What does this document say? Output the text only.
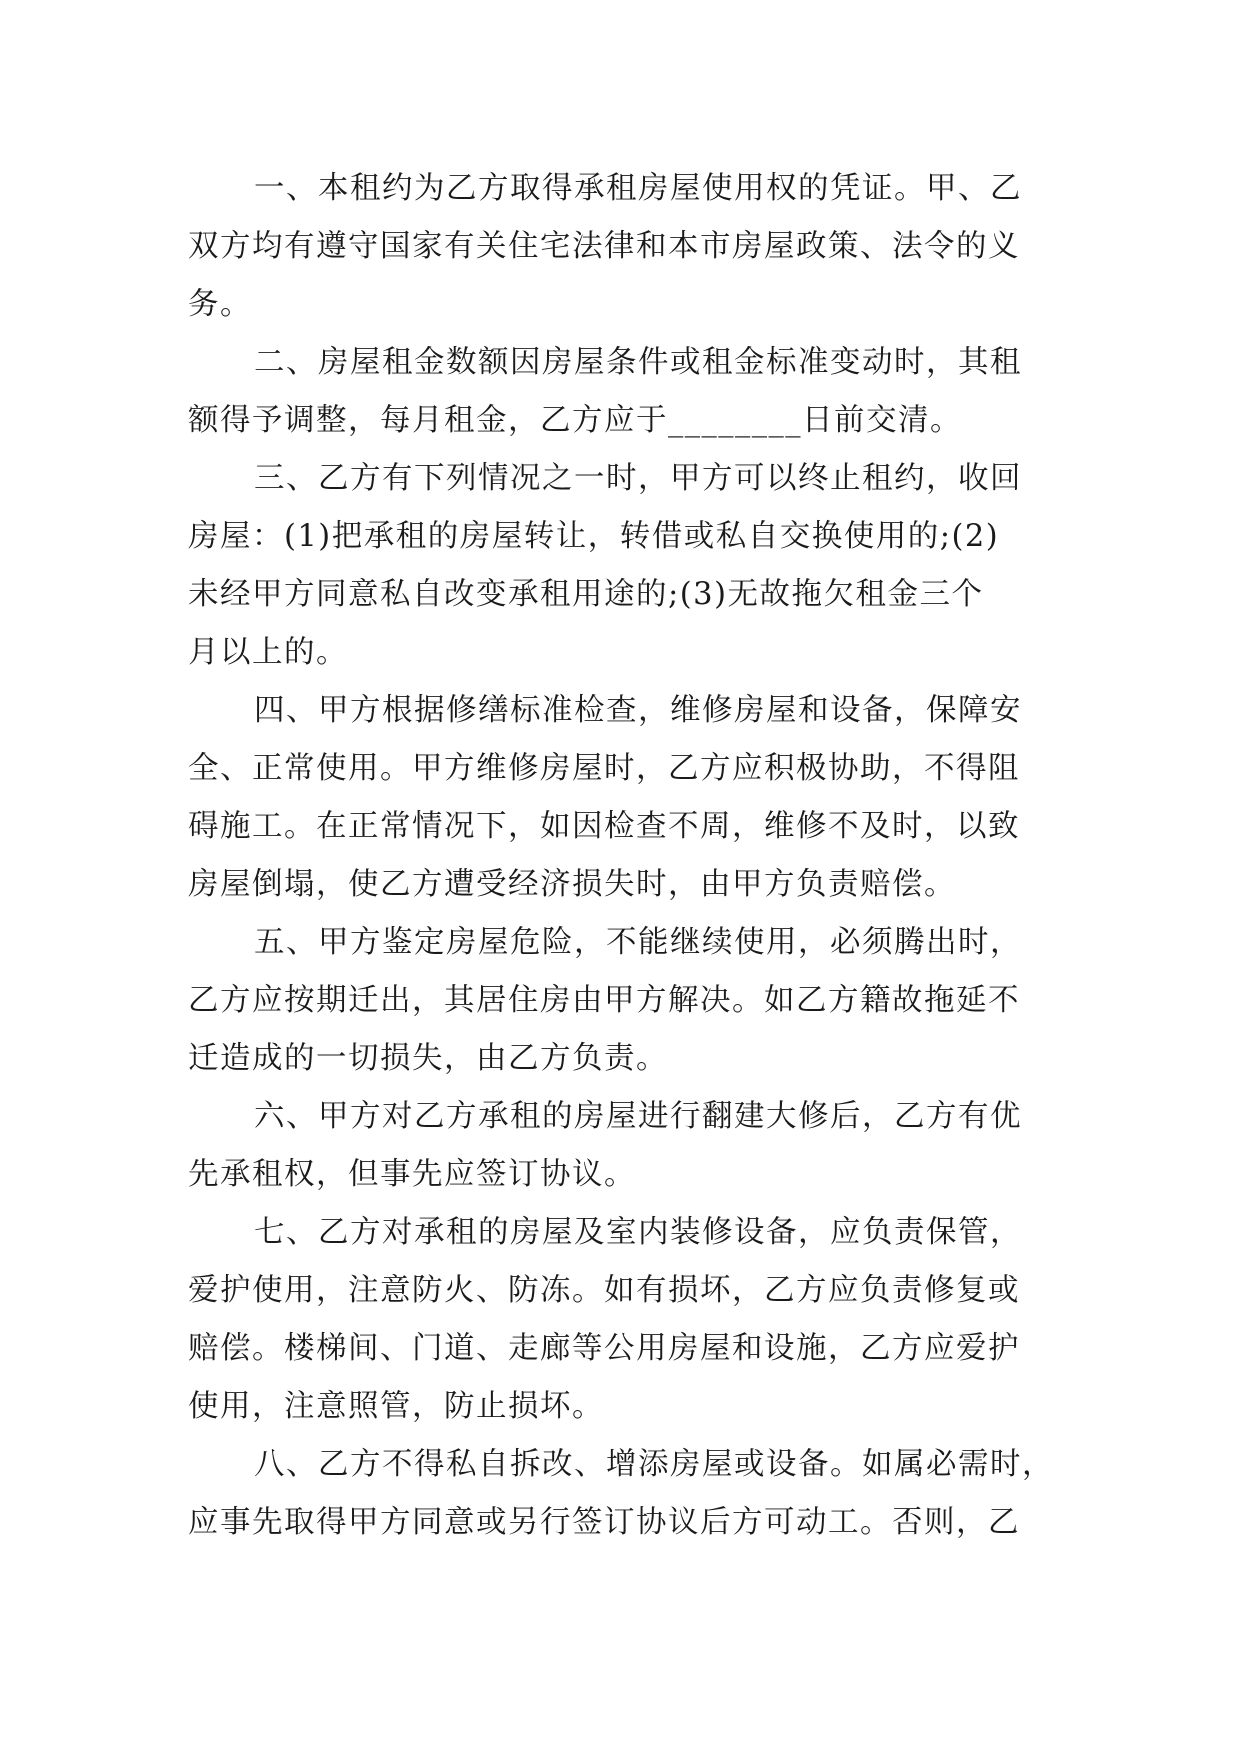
一、本租约为乙方取得承租房屋使用权的凭证。甲、乙
双方均有遵守国家有关住宅法律和本市房屋政策、法令的义
务。
二、房屋租金数额因房屋条件或租金标准变动时，其租
额得予调整，每月租金，乙方应于________日前交清。
三、乙方有下列情况之一时，甲方可以终止租约，收回
房屋：(1)把承租的房屋转让，转借或私自交换使用的;(2)
未经甲方同意私自改变承租用途的;(3)无故拖欠租金三个
月以上的。
四、甲方根据修缮标准检查，维修房屋和设备，保障安
全、正常使用。甲方维修房屋时，乙方应积极协助，不得阻
碍施工。在正常情况下，如因检查不周，维修不及时，以致
房屋倒塌，使乙方遭受经济损失时，由甲方负责赔偿。
五、甲方鉴定房屋危险，不能继续使用，必须腾出时，
乙方应按期迁出，其居住房由甲方解决。如乙方籍故拖延不
迁造成的一切损失，由乙方负责。
六、甲方对乙方承租的房屋进行翻建大修后，乙方有优
先承租权，但事先应签订协议。
七、乙方对承租的房屋及室内装修设备，应负责保管，
爱护使用，注意防火、防冻。如有损坏，乙方应负责修复或
赔偿。楼梯间、门道、走廊等公用房屋和设施，乙方应爱护
使用，注意照管，防止损坏。
八、乙方不得私自拆改、增添房屋或设备。如属必需时，
应事先取得甲方同意或另行签订协议后方可动工。否则，乙
